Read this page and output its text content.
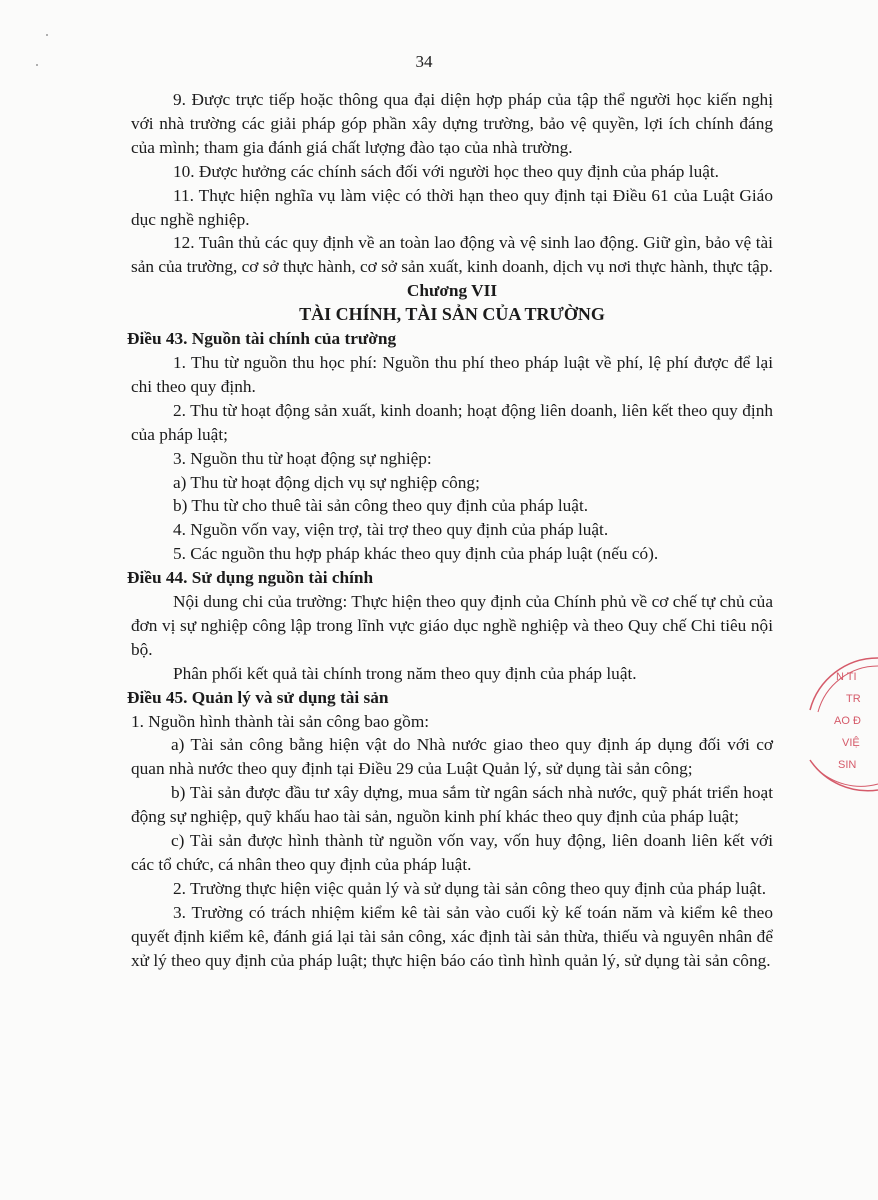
34

9. Được trực tiếp hoặc thông qua đại diện hợp pháp của tập thể người học kiến nghị với nhà trường các giải pháp góp phần xây dựng trường, bảo vệ quyền, lợi ích chính đáng của mình; tham gia đánh giá chất lượng đào tạo của nhà trường.

10. Được hưởng các chính sách đối với người học theo quy định của pháp luật.

11. Thực hiện nghĩa vụ làm việc có thời hạn theo quy định tại Điều 61 của Luật Giáo dục nghề nghiệp.

12. Tuân thủ các quy định về an toàn lao động và vệ sinh lao động. Giữ gìn, bảo vệ tài sản của trường, cơ sở thực hành, cơ sở sản xuất, kinh doanh, dịch vụ nơi thực hành, thực tập.

Chương VII

TÀI CHÍNH, TÀI SẢN CỦA TRƯỜNG

Điều 43. Nguồn tài chính của trường

1. Thu từ nguồn thu học phí: Nguồn thu phí theo pháp luật về phí, lệ phí được để lại chi theo quy định.

2. Thu từ hoạt động sản xuất, kinh doanh; hoạt động liên doanh, liên kết theo quy định của pháp luật;

3. Nguồn thu từ hoạt động sự nghiệp:

a) Thu từ hoạt động dịch vụ sự nghiệp công;

b) Thu từ cho thuê tài sản công theo quy định của pháp luật.

4. Nguồn vốn vay, viện trợ, tài trợ theo quy định của pháp luật.

5. Các nguồn thu hợp pháp khác theo quy định của pháp luật (nếu có).

Điều 44. Sử dụng nguồn tài chính

Nội dung chi của trường: Thực hiện theo quy định của Chính phủ về cơ chế tự chủ của đơn vị sự nghiệp công lập trong lĩnh vực giáo dục nghề nghiệp và theo Quy chế Chi tiêu nội bộ.

Phân phối kết quả tài chính trong năm theo quy định của pháp luật.

Điều 45. Quản lý và sử dụng tài sản

1. Nguồn hình thành tài sản công bao gồm:

a) Tài sản công bằng hiện vật do Nhà nước giao theo quy định áp dụng đối với cơ quan nhà nước theo quy định tại Điều 29 của Luật Quản lý, sử dụng tài sản công;

b) Tài sản được đầu tư xây dựng, mua sắm từ ngân sách nhà nước, quỹ phát triển hoạt động sự nghiệp, quỹ khấu hao tài sản, nguồn kinh phí khác theo quy định của pháp luật;

c) Tài sản được hình thành từ nguồn vốn vay, vốn huy động, liên doanh liên kết với các tổ chức, cá nhân theo quy định của pháp luật.

2. Trường thực hiện việc quản lý và sử dụng tài sản công theo quy định của pháp luật.

3. Trường có trách nhiệm kiểm kê tài sản vào cuối kỳ kế toán năm và kiểm kê theo quyết định kiểm kê, đánh giá lại tài sản công, xác định tài sản thừa, thiếu và nguyên nhân để xử lý theo quy định của pháp luật; thực hiện báo cáo tình hình quản lý, sử dụng tài sản công.

N TI
TR
AO Đ
VIỆ
SIN
